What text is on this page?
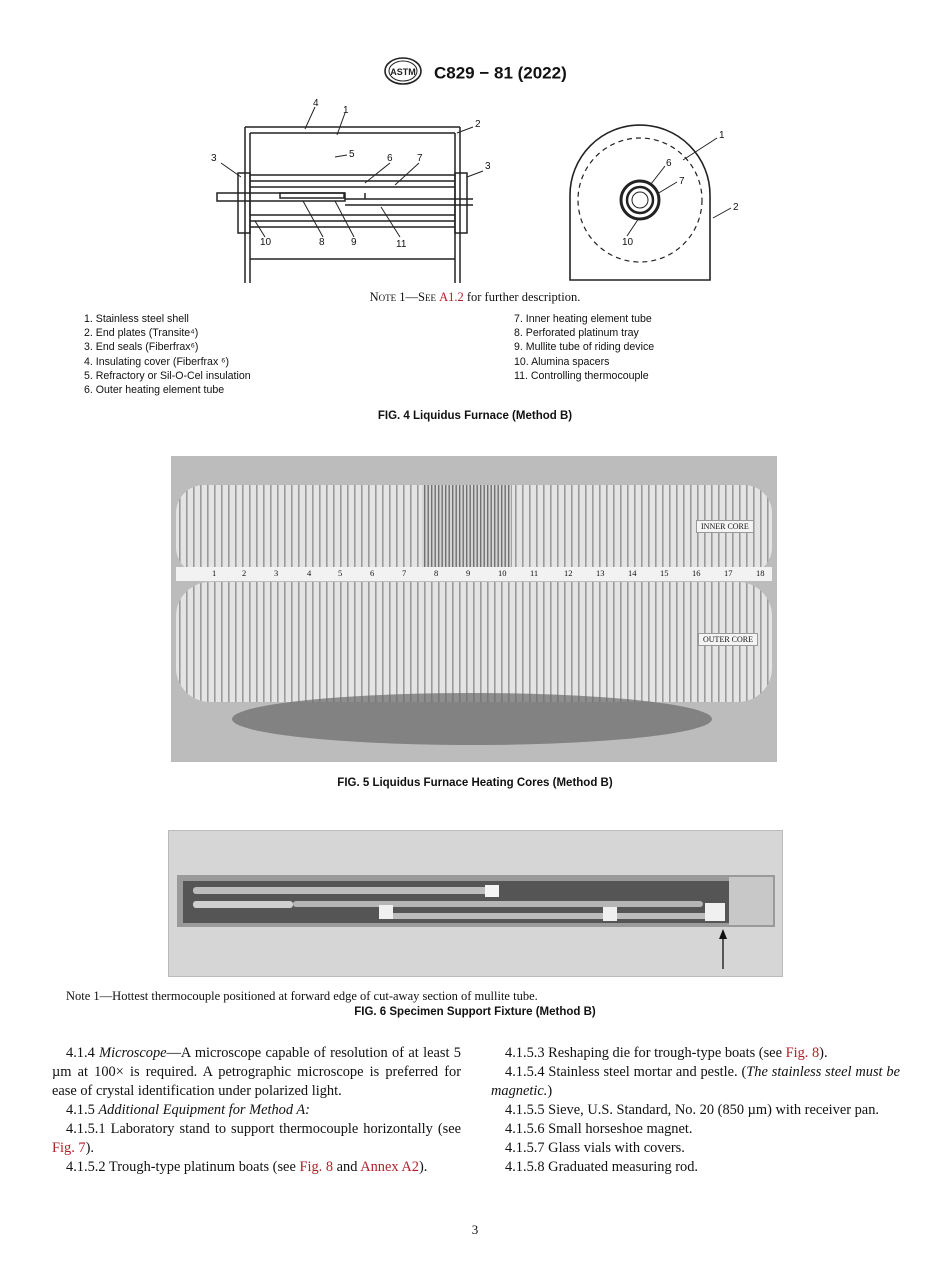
ASTM C829 − 81 (2022)
4
1
2
3
3
5	6 7
10	8	9	11
1
6
7
2
10
Note 1—See A1.2 for further description.
1. Stainless steel shell
2. End plates (Transite⁴)
3. End seals (Fiberfrax⁶)
4. Insulating cover (Fiberfrax ⁶)
5. Refractory or Sil-O-Cel insulation
6. Outer heating element tube
7. Inner heating element tube
8. Perforated platinum tray
9. Mullite tube of riding device
10. Alumina spacers
11. Controlling thermocouple
FIG. 4 Liquidus Furnace (Method B)
1	2	3	4	5	6	7	8	9	10	11	12	13	14	15	16	17	18
INNER CORE
OUTER CORE
FIG. 5 Liquidus Furnace Heating Cores (Method B)
Note 1—Hottest thermocouple positioned at forward edge of cut-away section of mullite tube.
FIG. 6 Specimen Support Fixture (Method B)

4.1.4 Microscope—A microscope capable of resolution of at least 5 µm at 100× is required. A petrographic microscope is preferred for ease of crystal identification under polarized light.

4.1.5 Additional Equipment for Method A:

4.1.5.1 Laboratory stand to support thermocouple horizontally (see Fig. 7).

4.1.5.2 Trough-type platinum boats (see Fig. 8 and Annex A2).

4.1.5.3 Reshaping die for trough-type boats (see Fig. 8).

4.1.5.4 Stainless steel mortar and pestle. (The stainless steel must be magnetic.)

4.1.5.5 Sieve, U.S. Standard, No. 20 (850 µm) with receiver pan.

4.1.5.6 Small horseshoe magnet.

4.1.5.7 Glass vials with covers.

4.1.5.8 Graduated measuring rod.

3
